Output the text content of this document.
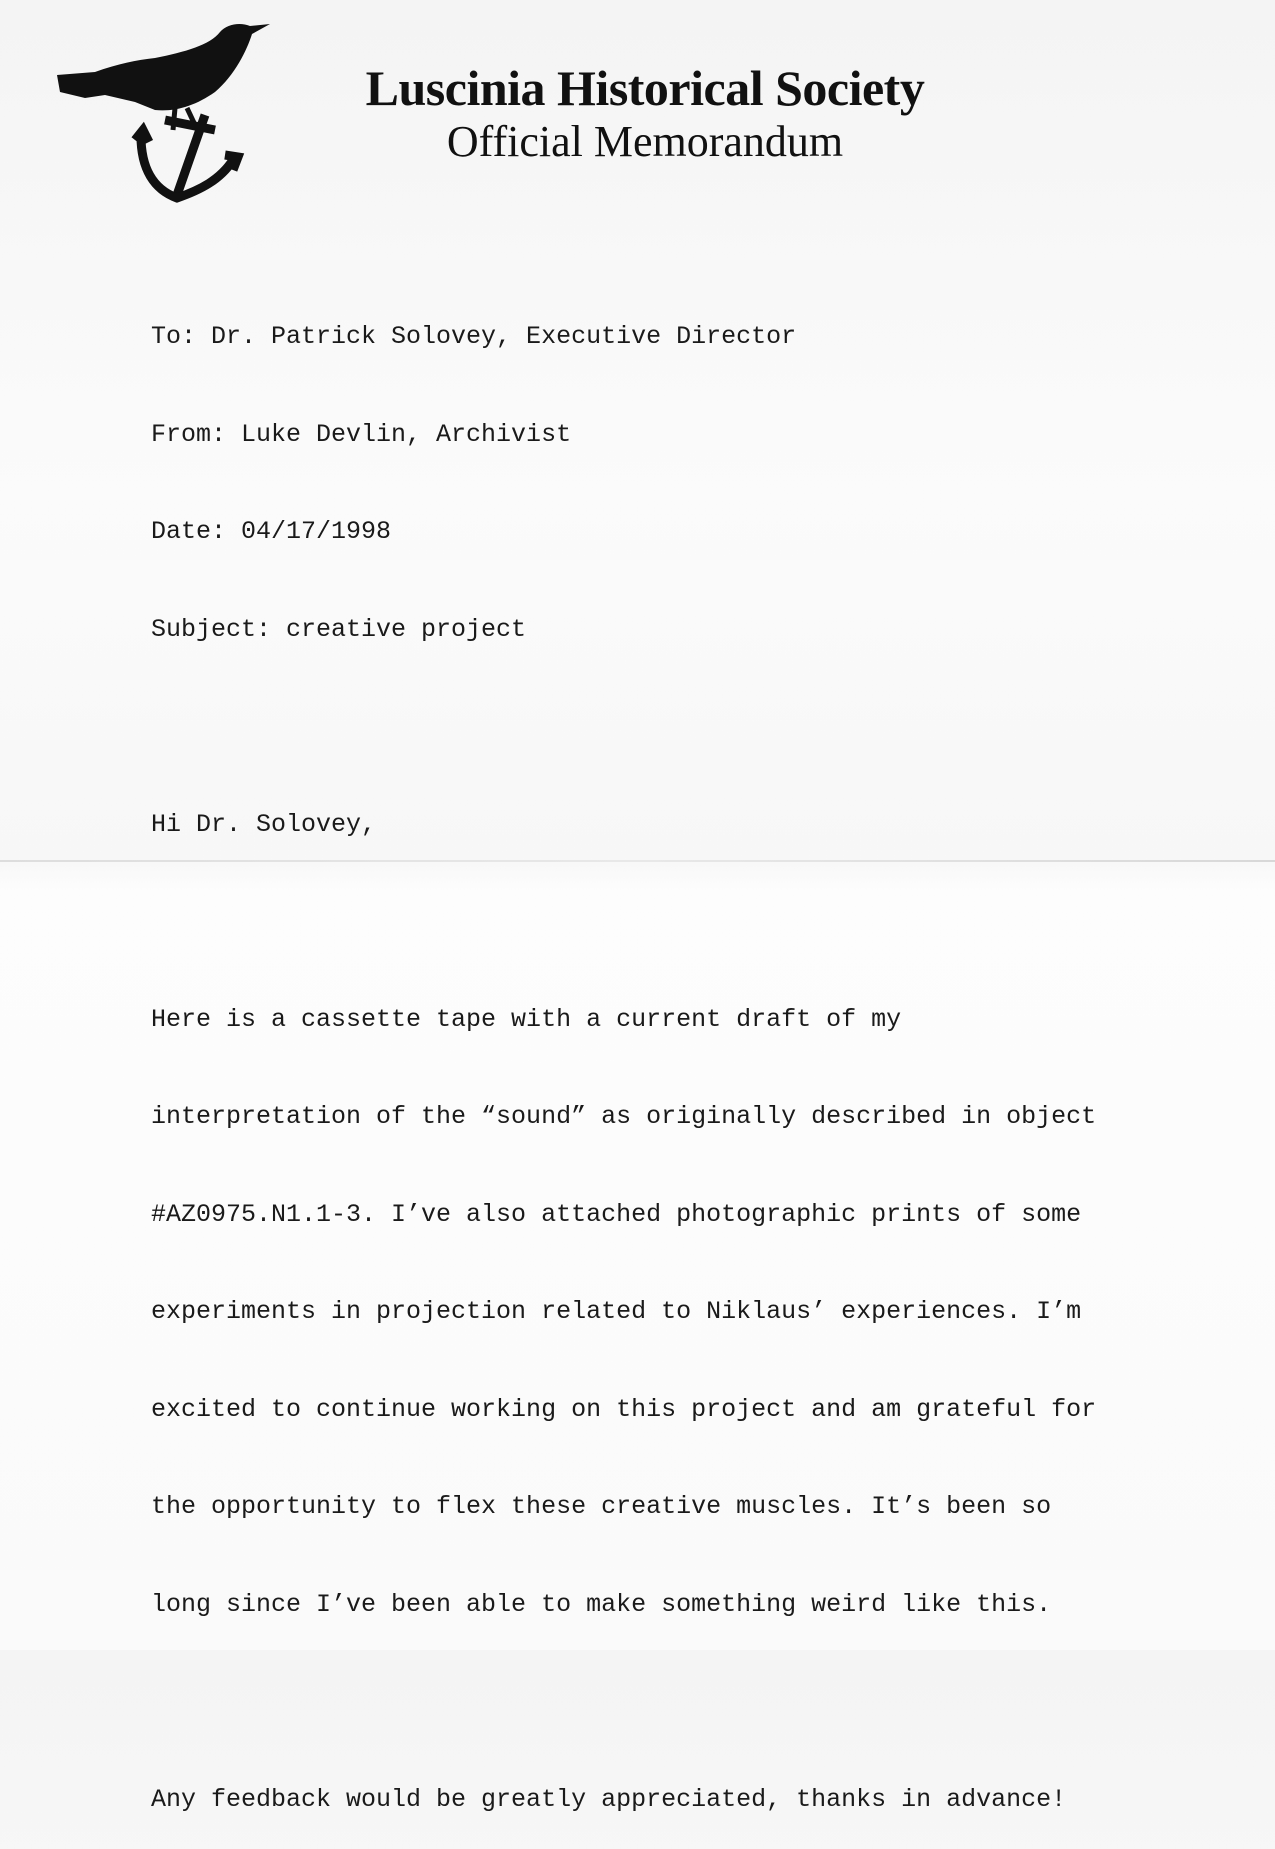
Luscinia Historical Society
Official Memorandum

To: Dr. Patrick Solovey, Executive Director

From: Luke Devlin, Archivist

Date: 04/17/1998

Subject: creative project

Hi Dr. Solovey,

Here is a cassette tape with a current draft of my

interpretation of the “sound” as originally described in object

#AZ0975.N1.1-3. I’ve also attached photographic prints of some

experiments in projection related to Niklaus’ experiences. I’m

excited to continue working on this project and am grateful for

the opportunity to flex these creative muscles. It’s been so

long since I’ve been able to make something weird like this.

Any feedback would be greatly appreciated, thanks in advance!
